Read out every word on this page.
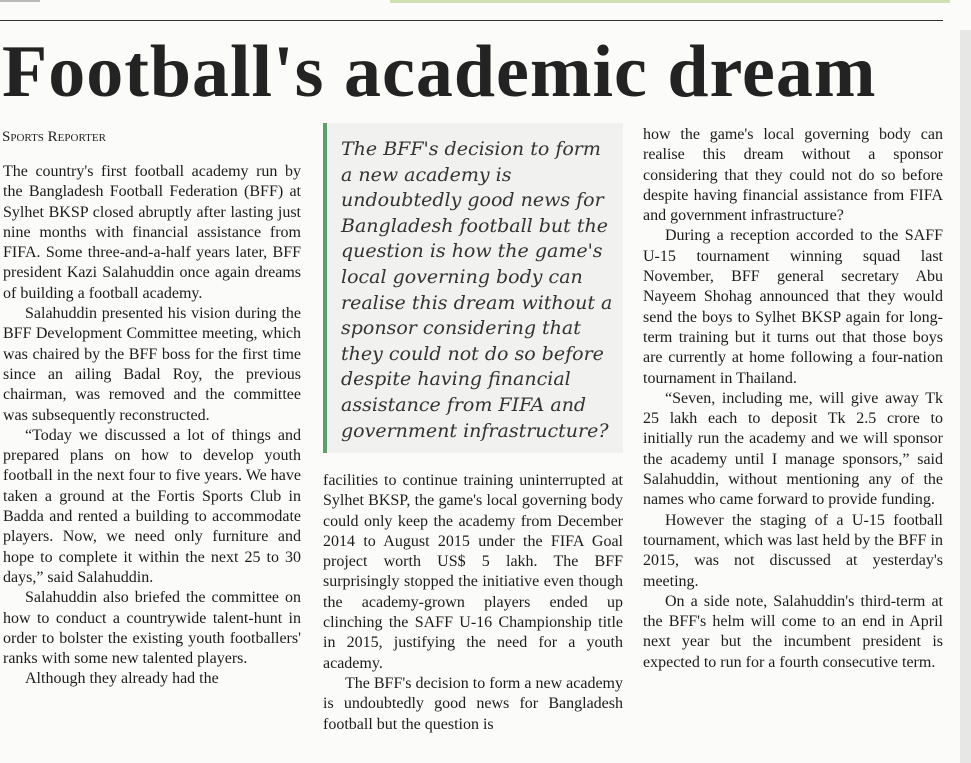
Football's academic dream
Sports Reporter

The country's first football academy run by the Bangladesh Football Federation (BFF) at Sylhet BKSP closed abruptly after lasting just nine months with financial assistance from FIFA. Some three-and-a-half years later, BFF president Kazi Salahuddin once again dreams of building a football academy.

Salahuddin presented his vision during the BFF Development Committee meeting, which was chaired by the BFF boss for the first time since an ailing Badal Roy, the previous chairman, was removed and the committee was subsequently reconstructed.

“Today we discussed a lot of things and prepared plans on how to develop youth football in the next four to five years. We have taken a ground at the Fortis Sports Club in Badda and rented a building to accommodate players. Now, we need only furniture and hope to complete it within the next 25 to 30 days,” said Salahuddin.

Salahuddin also briefed the committee on how to conduct a countrywide talent-hunt in order to bolster the existing youth footballers' ranks with some new talented players.

Although they already had the

The BFF's decision to form a new academy is undoubtedly good news for Bangladesh football but the question is how the game's local governing body can realise this dream without a sponsor considering that they could not do so before despite having financial assistance from FIFA and government infrastructure?

facilities to continue training uninterrupted at Sylhet BKSP, the game's local governing body could only keep the academy from December 2014 to August 2015 under the FIFA Goal project worth US$ 5 lakh. The BFF surprisingly stopped the initiative even though the academy-grown players ended up clinching the SAFF U-16 Championship title in 2015, justifying the need for a youth academy.

The BFF's decision to form a new academy is undoubtedly good news for Bangladesh football but the question is

how the game's local governing body can realise this dream without a sponsor considering that they could not do so before despite having financial assistance from FIFA and government infrastructure?

During a reception accorded to the SAFF U-15 tournament winning squad last November, BFF general secretary Abu Nayeem Shohag announced that they would send the boys to Sylhet BKSP again for long-term training but it turns out that those boys are currently at home following a four-nation tournament in Thailand.

“Seven, including me, will give away Tk 25 lakh each to deposit Tk 2.5 crore to initially run the academy and we will sponsor the academy until I manage sponsors,” said Salahuddin, without mentioning any of the names who came forward to provide funding.

However the staging of a U-15 football tournament, which was last held by the BFF in 2015, was not discussed at yesterday's meeting.

On a side note, Salahuddin's third-term at the BFF's helm will come to an end in April next year but the incumbent president is expected to run for a fourth consecutive term.
